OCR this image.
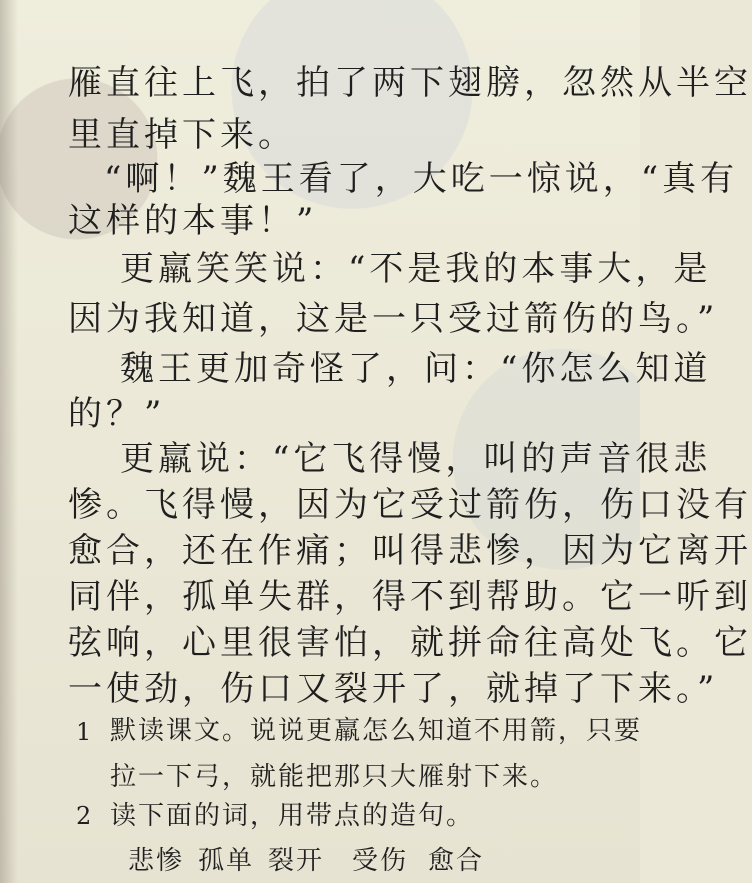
雁直往上飞，拍了两下翅膀，忽然从半空
里直掉下来。
“啊！”魏王看了，大吃一惊说，“真有
这样的本事！”
更羸笑笑说：“不是我的本事大，是
因为我知道，这是一只受过箭伤的鸟。”
魏王更加奇怪了，问：“你怎么知道
的？”
更羸说：“它飞得慢，叫的声音很悲
惨。飞得慢，因为它受过箭伤，伤口没有
愈合，还在作痛；叫得悲惨，因为它离开
同伴，孤单失群，得不到帮助。它一听到
弦响，心里很害怕，就拼命往高处飞。它
一使劲，伤口又裂开了，就掉了下来。”
1 默读课文。说说更羸怎么知道不用箭，只要
拉一下弓，就能把那只大雁射下来。
2 读下面的词，用带点的造句。
悲惨 孤单 裂开 受伤 愈合
